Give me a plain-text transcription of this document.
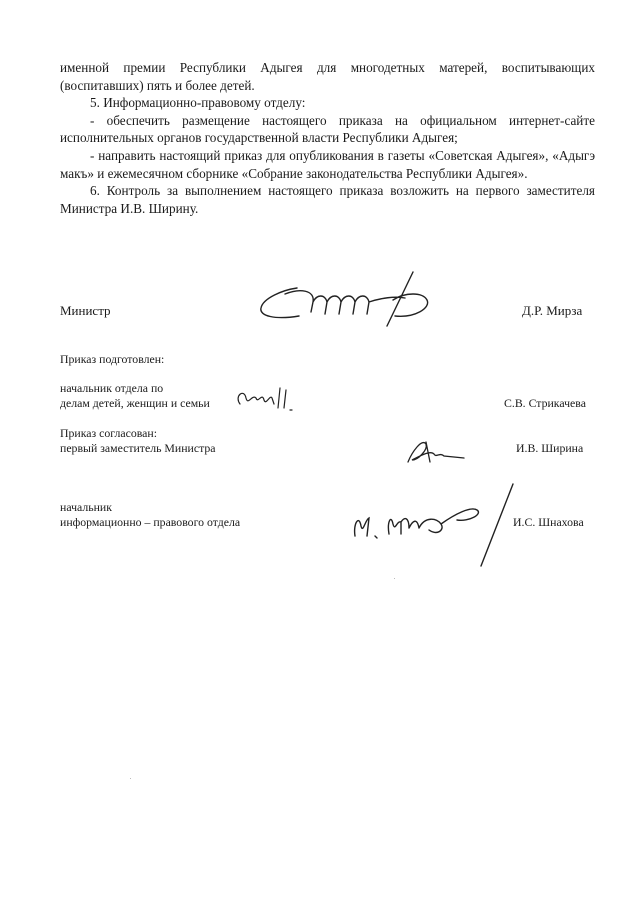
именной премии Республики Адыгея для многодетных матерей, воспитывающих (воспитавших) пять и более детей.

5. Информационно-правовому отделу:

- обеспечить размещение настоящего приказа на официальном интернет-сайте исполнительных органов государственной власти Республики Адыгея;

- направить настоящий приказ для опубликования в газеты «Советская Адыгея», «Адыгэ макъ» и ежемесячном сборнике «Собрание законодательства Республики Адыгея».

6. Контроль за выполнением настоящего приказа возложить на первого заместителя Министра И.В. Ширину.

Министр	Д.Р. Мирза
Приказ подготовлен:
начальник отдела по
делам детей, женщин и семьи	С.В. Стрикачева
Приказ согласован:
первый заместитель Министра	И.В. Ширина
начальник
информационно – правового отдела	И.С. Шнахова
